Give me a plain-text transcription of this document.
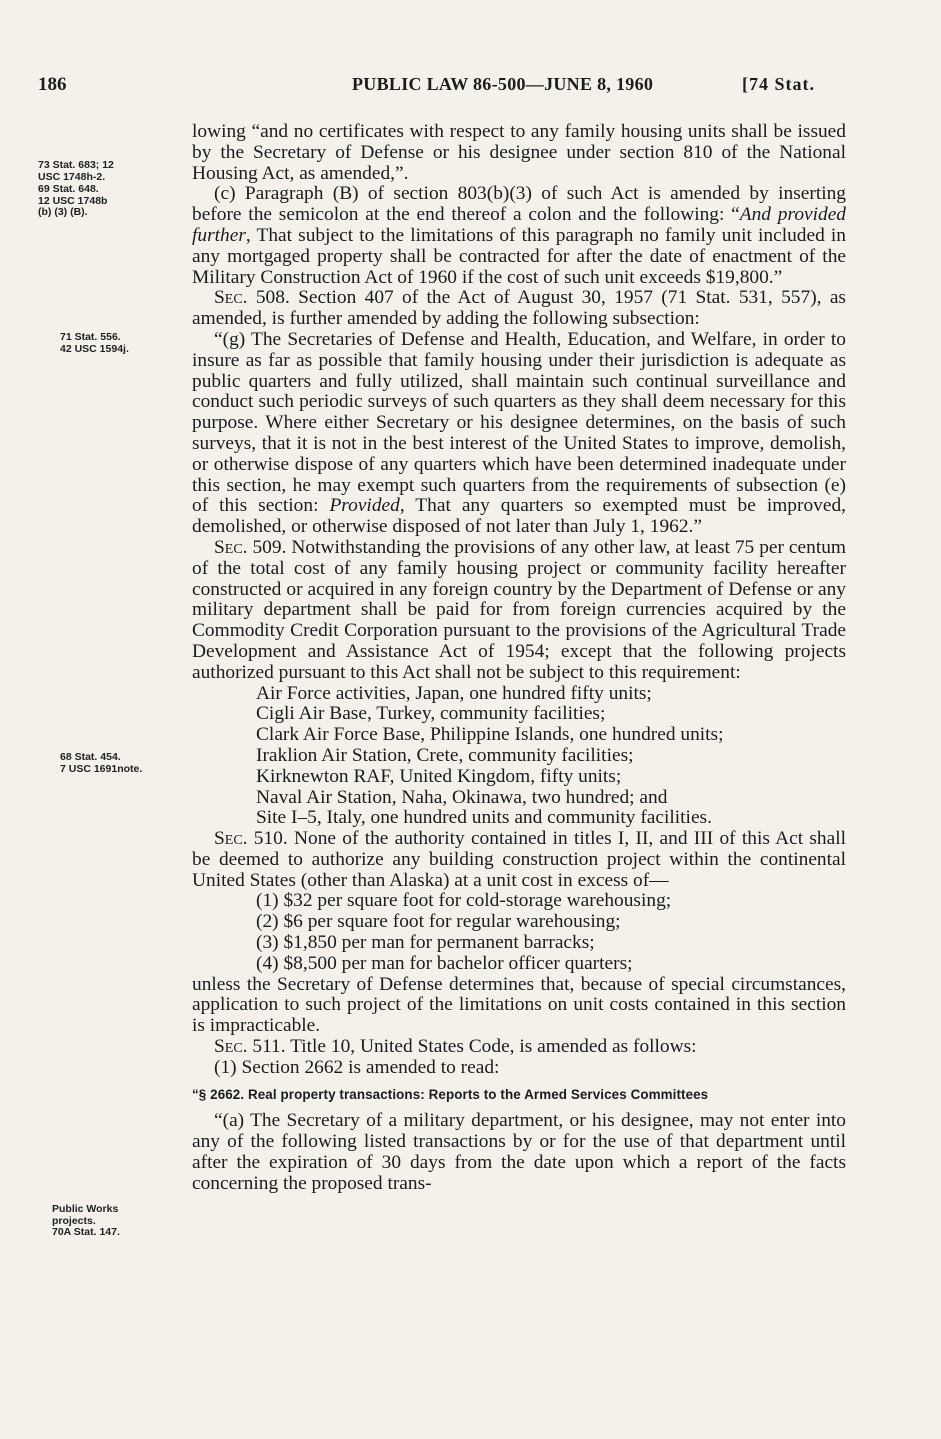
186	PUBLIC LAW 86-500—JUNE 8, 1960	[74 Stat.
73 Stat. 683; 12
USC 1748h-2.
69 Stat. 648.
12 USC 1748b
(b) (3) (B).
71 Stat. 556.
42 USC 1594j.
68 Stat. 454.
7 USC 1691note.
Public Works
projects.
70A Stat. 147.

lowing “and no certificates with respect to any family housing units shall be issued by the Secretary of Defense or his designee under section 810 of the National Housing Act, as amended,”.

(c) Paragraph (B) of section 803(b)(3) of such Act is amended by inserting before the semicolon at the end thereof a colon and the following: “And provided further, That subject to the limitations of this paragraph no family unit included in any mortgaged property shall be contracted for after the date of enactment of the Military Construction Act of 1960 if the cost of such unit exceeds $19,800.”

Sec. 508. Section 407 of the Act of August 30, 1957 (71 Stat. 531, 557), as amended, is further amended by adding the following subsection:

“(g) The Secretaries of Defense and Health, Education, and Welfare, in order to insure as far as possible that family housing under their jurisdiction is adequate as public quarters and fully utilized, shall maintain such continual surveillance and conduct such periodic surveys of such quarters as they shall deem necessary for this purpose. Where either Secretary or his designee determines, on the basis of such surveys, that it is not in the best interest of the United States to improve, demolish, or otherwise dispose of any quarters which have been determined inadequate under this section, he may exempt such quarters from the requirements of subsection (e) of this section: Provided, That any quarters so exempted must be improved, demolished, or otherwise disposed of not later than July 1, 1962.”

Sec. 509. Notwithstanding the provisions of any other law, at least 75 per centum of the total cost of any family housing project or community facility hereafter constructed or acquired in any foreign country by the Department of Defense or any military department shall be paid for from foreign currencies acquired by the Commodity Credit Corporation pursuant to the provisions of the Agricultural Trade Development and Assistance Act of 1954; except that the following projects authorized pursuant to this Act shall not be subject to this requirement:

Air Force activities, Japan, one hundred fifty units;
Cigli Air Base, Turkey, community facilities;
Clark Air Force Base, Philippine Islands, one hundred units;
Iraklion Air Station, Crete, community facilities;
Kirknewton RAF, United Kingdom, fifty units;
Naval Air Station, Naha, Okinawa, two hundred; and
Site I–5, Italy, one hundred units and community facilities.

Sec. 510. None of the authority contained in titles I, II, and III of this Act shall be deemed to authorize any building construction project within the continental United States (other than Alaska) at a unit cost in excess of—

(1) $32 per square foot for cold-storage warehousing;
(2) $6 per square foot for regular warehousing;
(3) $1,850 per man for permanent barracks;
(4) $8,500 per man for bachelor officer quarters;

unless the Secretary of Defense determines that, because of special circumstances, application to such project of the limitations on unit costs contained in this section is impracticable.

Sec. 511. Title 10, United States Code, is amended as follows:

(1) Section 2662 is amended to read:

“§ 2662. Real property transactions: Reports to the Armed Services Committees

“(a) The Secretary of a military department, or his designee, may not enter into any of the following listed transactions by or for the use of that department until after the expiration of 30 days from the date upon which a report of the facts concerning the proposed trans-
